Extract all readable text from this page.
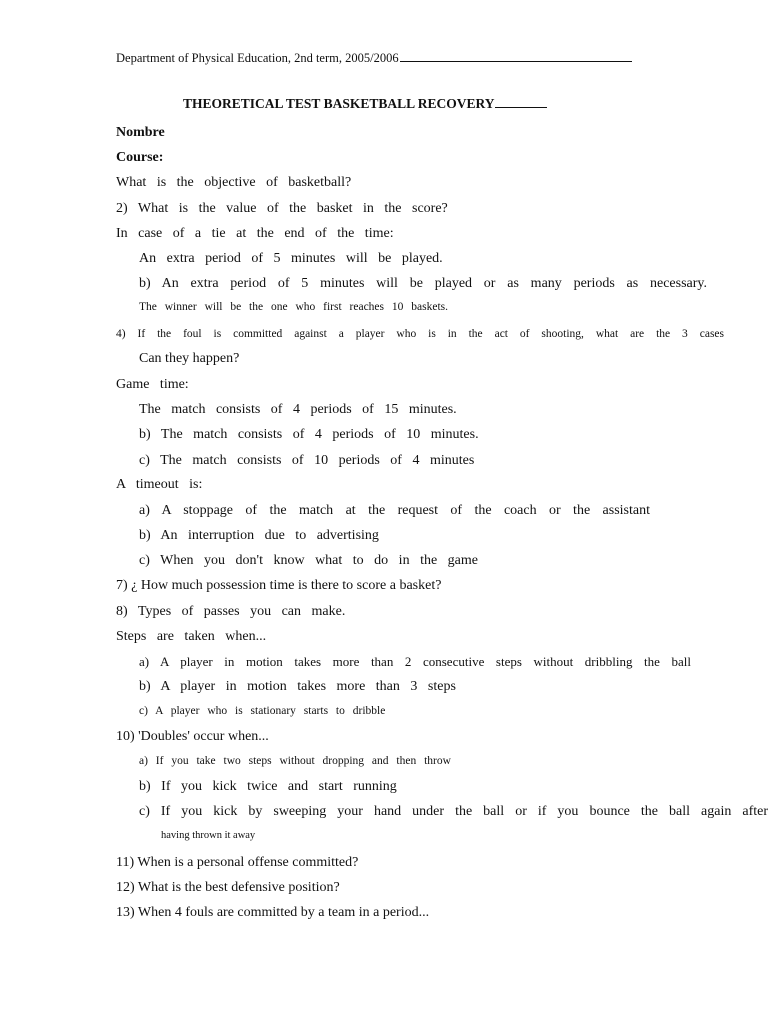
Department of Physical Education, 2nd term, 2005/2006
THEORETICAL TEST BASKETBALL RECOVERY
Nombre
Course:
What is the objective of basketball?
2) What is the value of the basket in the score?
In case of a tie at the end of the time:
An extra period of 5 minutes will be played.
b) An extra period of 5 minutes will be played or as many periods as necessary.
The winner will be the one who first reaches 10 baskets.
4) If the foul is committed against a player who is in the act of shooting, what are the 3 cases
Can they happen?
Game time:
The match consists of 4 periods of 15 minutes.
b) The match consists of 4 periods of 10 minutes.
c) The match consists of 10 periods of 4 minutes
A timeout is:
a) A stoppage of the match at the request of the coach or the assistant
b) An interruption due to advertising
c) When you don't know what to do in the game
7) ¿ How much possession time is there to score a basket?
8) Types of passes you can make.
Steps are taken when...
a) A player in motion takes more than 2 consecutive steps without dribbling the ball
b) A player in motion takes more than 3 steps
c) A player who is stationary starts to dribble
10) 'Doubles' occur when...
a) If you take two steps without dropping and then throw
b) If you kick twice and start running
c) If you kick by sweeping your hand under the ball or if you bounce the ball again after
having thrown it away
11) When is a personal offense committed?
12) What is the best defensive position?
13) When 4 fouls are committed by a team in a period...
